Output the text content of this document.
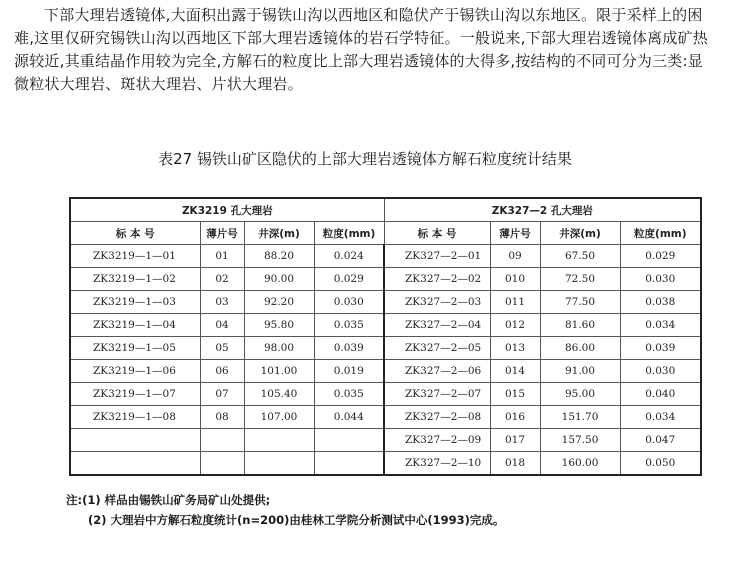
下部大理岩透镜体,大面积出露于锡铁山沟以西地区和隐伏产于锡铁山沟以东地区。限于采样上的困难,这里仅研究锡铁山沟以西地区下部大理岩透镜体的岩石学特征。一般说来,下部大理岩透镜体离成矿热源较近,其重结晶作用较为完全,方解石的粒度比上部大理岩透镜体的大得多,按结构的不同可分为三类:显微粒状大理岩、斑状大理岩、片状大理岩。

表27 锡铁山矿区隐伏的上部大理岩透镜体方解石粒度统计结果
ZK3219 孔大理岩				ZK327—2 孔大理岩			
标 本 号	薄片号	井深(m)	粒度(mm)	标 本 号	薄片号	井深(m)	粒度(mm)
ZK3219—1—01	01	88.20	0.024	ZK327—2—01	09	67.50	0.029
ZK3219—1—02	02	90.00	0.029	ZK327—2—02	010	72.50	0.030
ZK3219—1—03	03	92.20	0.030	ZK327—2—03	011	77.50	0.038
ZK3219—1—04	04	95.80	0.035	ZK327—2—04	012	81.60	0.034
ZK3219—1—05	05	98.00	0.039	ZK327—2—05	013	86.00	0.039
ZK3219—1—06	06	101.00	0.019	ZK327—2—06	014	91.00	0.030
ZK3219—1—07	07	105.40	0.035	ZK327—2—07	015	95.00	0.040
ZK3219—1—08	08	107.00	0.044	ZK327—2—08	016	151.70	0.034
				ZK327—2—09	017	157.50	0.047
				ZK327—2—10	018	160.00	0.050
注:(1) 样品由锡铁山矿务局矿山处提供;
(2) 大理岩中方解石粒度统计(n=200)由桂林工学院分析测试中心(1993)完成。
